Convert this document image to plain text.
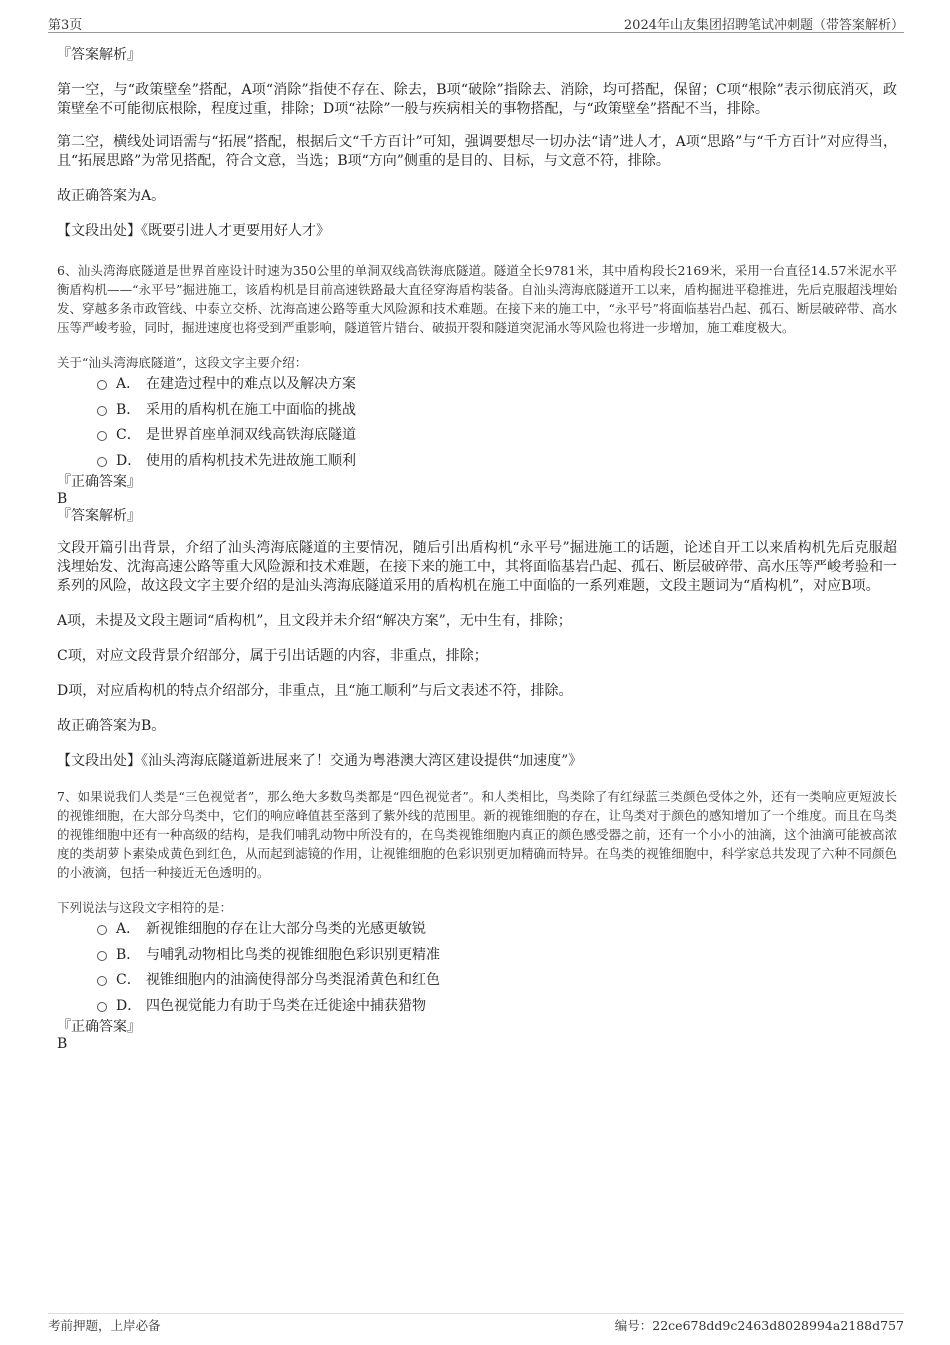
第3页	2024年山友集团招聘笔试冲刺题（带答案解析）

『答案解析』

第一空，与“政策壁垒”搭配，A项“消除”指使不存在、除去，B项“破除”指除去、消除，均可搭配，保留；C项“根除”表示彻底消灭，政策壁垒不可能彻底根除，程度过重，排除；D项“祛除”一般与疾病相关的事物搭配，与“政策壁垒”搭配不当，排除。

第二空，横线处词语需与“拓展”搭配，根据后文“千方百计”可知，强调要想尽一切办法“请”进人才，A项“思路”与“千方百计”对应得当，且“拓展思路”为常见搭配，符合文意，当选；B项“方向”侧重的是目的、目标，与文意不符，排除。

故正确答案为A。

【文段出处】《既要引进人才更要用好人才》

6、汕头湾海底隧道是世界首座设计时速为350公里的单洞双线高铁海底隧道。隧道全长9781米，其中盾构段长2169米，采用一台直径14.57米泥水平衡盾构机——“永平号”掘进施工，该盾构机是目前高速铁路最大直径穿海盾构装备。自汕头湾海底隧道开工以来，盾构掘进平稳推进，先后克服超浅埋始发、穿越多条市政管线、中泰立交桥、沈海高速公路等重大风险源和技术难题。在接下来的施工中，“永平号”将面临基岩凸起、孤石、断层破碎带、高水压等严峻考验，同时，掘进速度也将受到严重影响，隧道管片错台、破损开裂和隧道突泥涌水等风险也将进一步增加，施工难度极大。

关于“汕头湾海底隧道”，这段文字主要介绍：

A． 在建造过程中的难点以及解决方案
B． 采用的盾构机在施工中面临的挑战
C． 是世界首座单洞双线高铁海底隧道
D． 使用的盾构机技术先进故施工顺利

『正确答案』

B

『答案解析』

文段开篇引出背景，介绍了汕头湾海底隧道的主要情况，随后引出盾构机“永平号”掘进施工的话题，论述自开工以来盾构机先后克服超浅埋始发、沈海高速公路等重大风险源和技术难题，在接下来的施工中，其将面临基岩凸起、孤石、断层破碎带、高水压等严峻考验和一系列的风险，故这段文字主要介绍的是汕头湾海底隧道采用的盾构机在施工中面临的一系列难题，文段主题词为“盾构机”，对应B项。

A项，未提及文段主题词“盾构机”，且文段并未介绍“解决方案”，无中生有，排除；

C项，对应文段背景介绍部分，属于引出话题的内容，非重点，排除；

D项，对应盾构机的特点介绍部分，非重点，且“施工顺利”与后文表述不符，排除。

故正确答案为B。

【文段出处】《汕头湾海底隧道新进展来了！交通为粤港澳大湾区建设提供“加速度”》

7、如果说我们人类是“三色视觉者”，那么绝大多数鸟类都是“四色视觉者”。和人类相比，鸟类除了有红绿蓝三类颜色受体之外，还有一类响应更短波长的视锥细胞，在大部分鸟类中，它们的响应峰值甚至落到了紫外线的范围里。新的视锥细胞的存在，让鸟类对于颜色的感知增加了一个维度。而且在鸟类的视锥细胞中还有一种高级的结构，是我们哺乳动物中所没有的，在鸟类视锥细胞内真正的颜色感受器之前，还有一个小小的油滴，这个油滴可能被高浓度的类胡萝卜素染成黄色到红色，从而起到滤镜的作用，让视锥细胞的色彩识别更加精确而特异。在鸟类的视锥细胞中，科学家总共发现了六种不同颜色的小液滴，包括一种接近无色透明的。

下列说法与这段文字相符的是：

A． 新视锥细胞的存在让大部分鸟类的光感更敏锐
B． 与哺乳动物相比鸟类的视锥细胞色彩识别更精准
C． 视锥细胞内的油滴使得部分鸟类混淆黄色和红色
D． 四色视觉能力有助于鸟类在迁徙途中捕获猎物

『正确答案』

B

考前押题，上岸必备	编号：22ce678dd9c2463d8028994a2188d757
